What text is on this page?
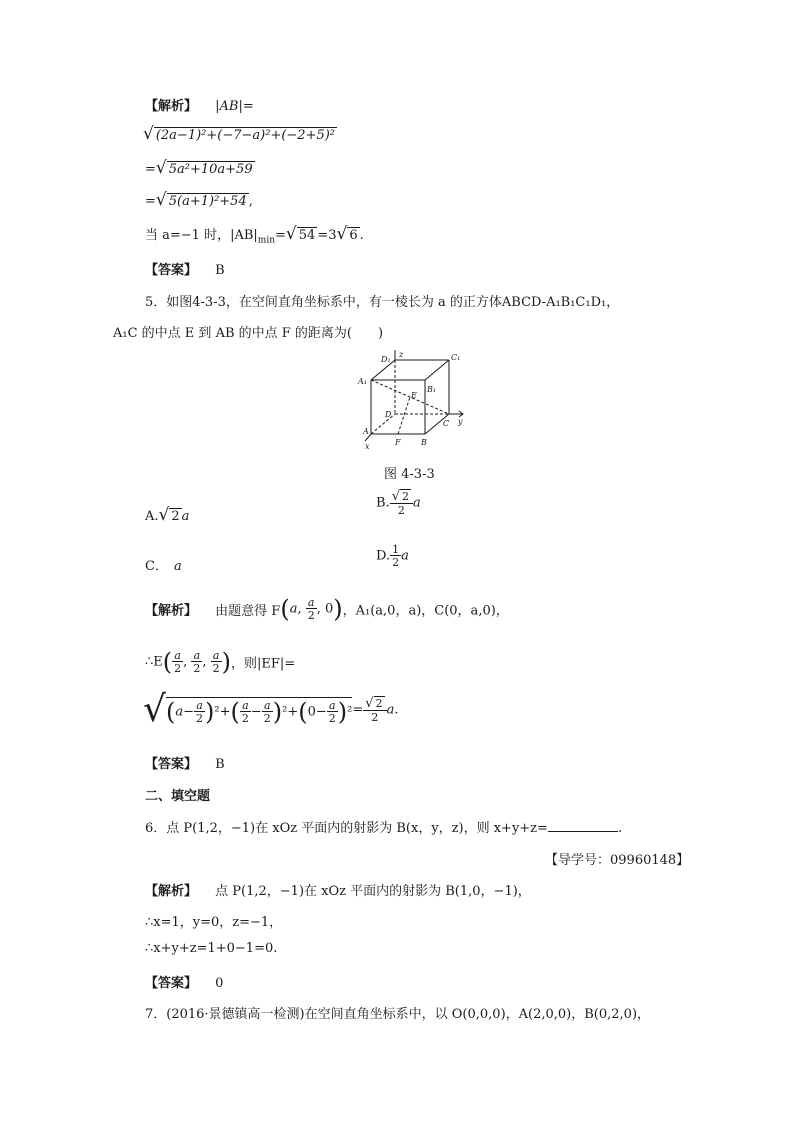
【解析】 |AB|=
√ (2a−1)²+(−7−a)²+(−2+5)²
=√ 5a²+10a+59
=√ 5(a+1)²+54 ,
当 a=−1 时，$|AB|_{min}=√$ 54 =3√ 6 .
【答案】 B
5．如图4-3-3，在空间直角坐标系中，有一棱长为 a 的正方体ABCD-A₁B₁C₁D₁，
A₁C 的中点 E 到 AB 的中点 F 的距离为(　　)
D₁
z	C₁
A₁
B₁
E
D
C y
A
F	B
x
图 4-3-3
A.√ 2 a
B. $\frac{√ 2}{2}$ a
C． a
D. $\frac{1}{2}$ a
【解析】 由题意得 F(a, $\frac{a}{2}$ , 0)，A₁(a,0，a)，C(0，a,0)，
∴E( $\frac{a}{2}$ , $\frac{a}{2}$ , $\frac{a}{2}$ )，则|EF|=
$√(a- \frac{a}{2} )^2+( \frac{a}{2} - \frac{a}{2} )^2+(0- \frac{a}{2} )^2= \frac{√ 2}{2} a$.
【答案】 B
二、填空题
6．点 P(1,2，−1)在 xOz 平面内的射影为 B(x，y，z)，则 x+y+z=	.
【导学号：09960148】
【解析】 点 P(1,2，−1)在 xOz 平面内的射影为 B(1,0，−1)，
∴x=1，y=0，z=−1，
∴x+y+z=1+0−1=0.
【答案】 0
7．(2016·景德镇高一检测)在空间直角坐标系中，以 O(0,0,0)，A(2,0,0)，B(0,2,0)，
